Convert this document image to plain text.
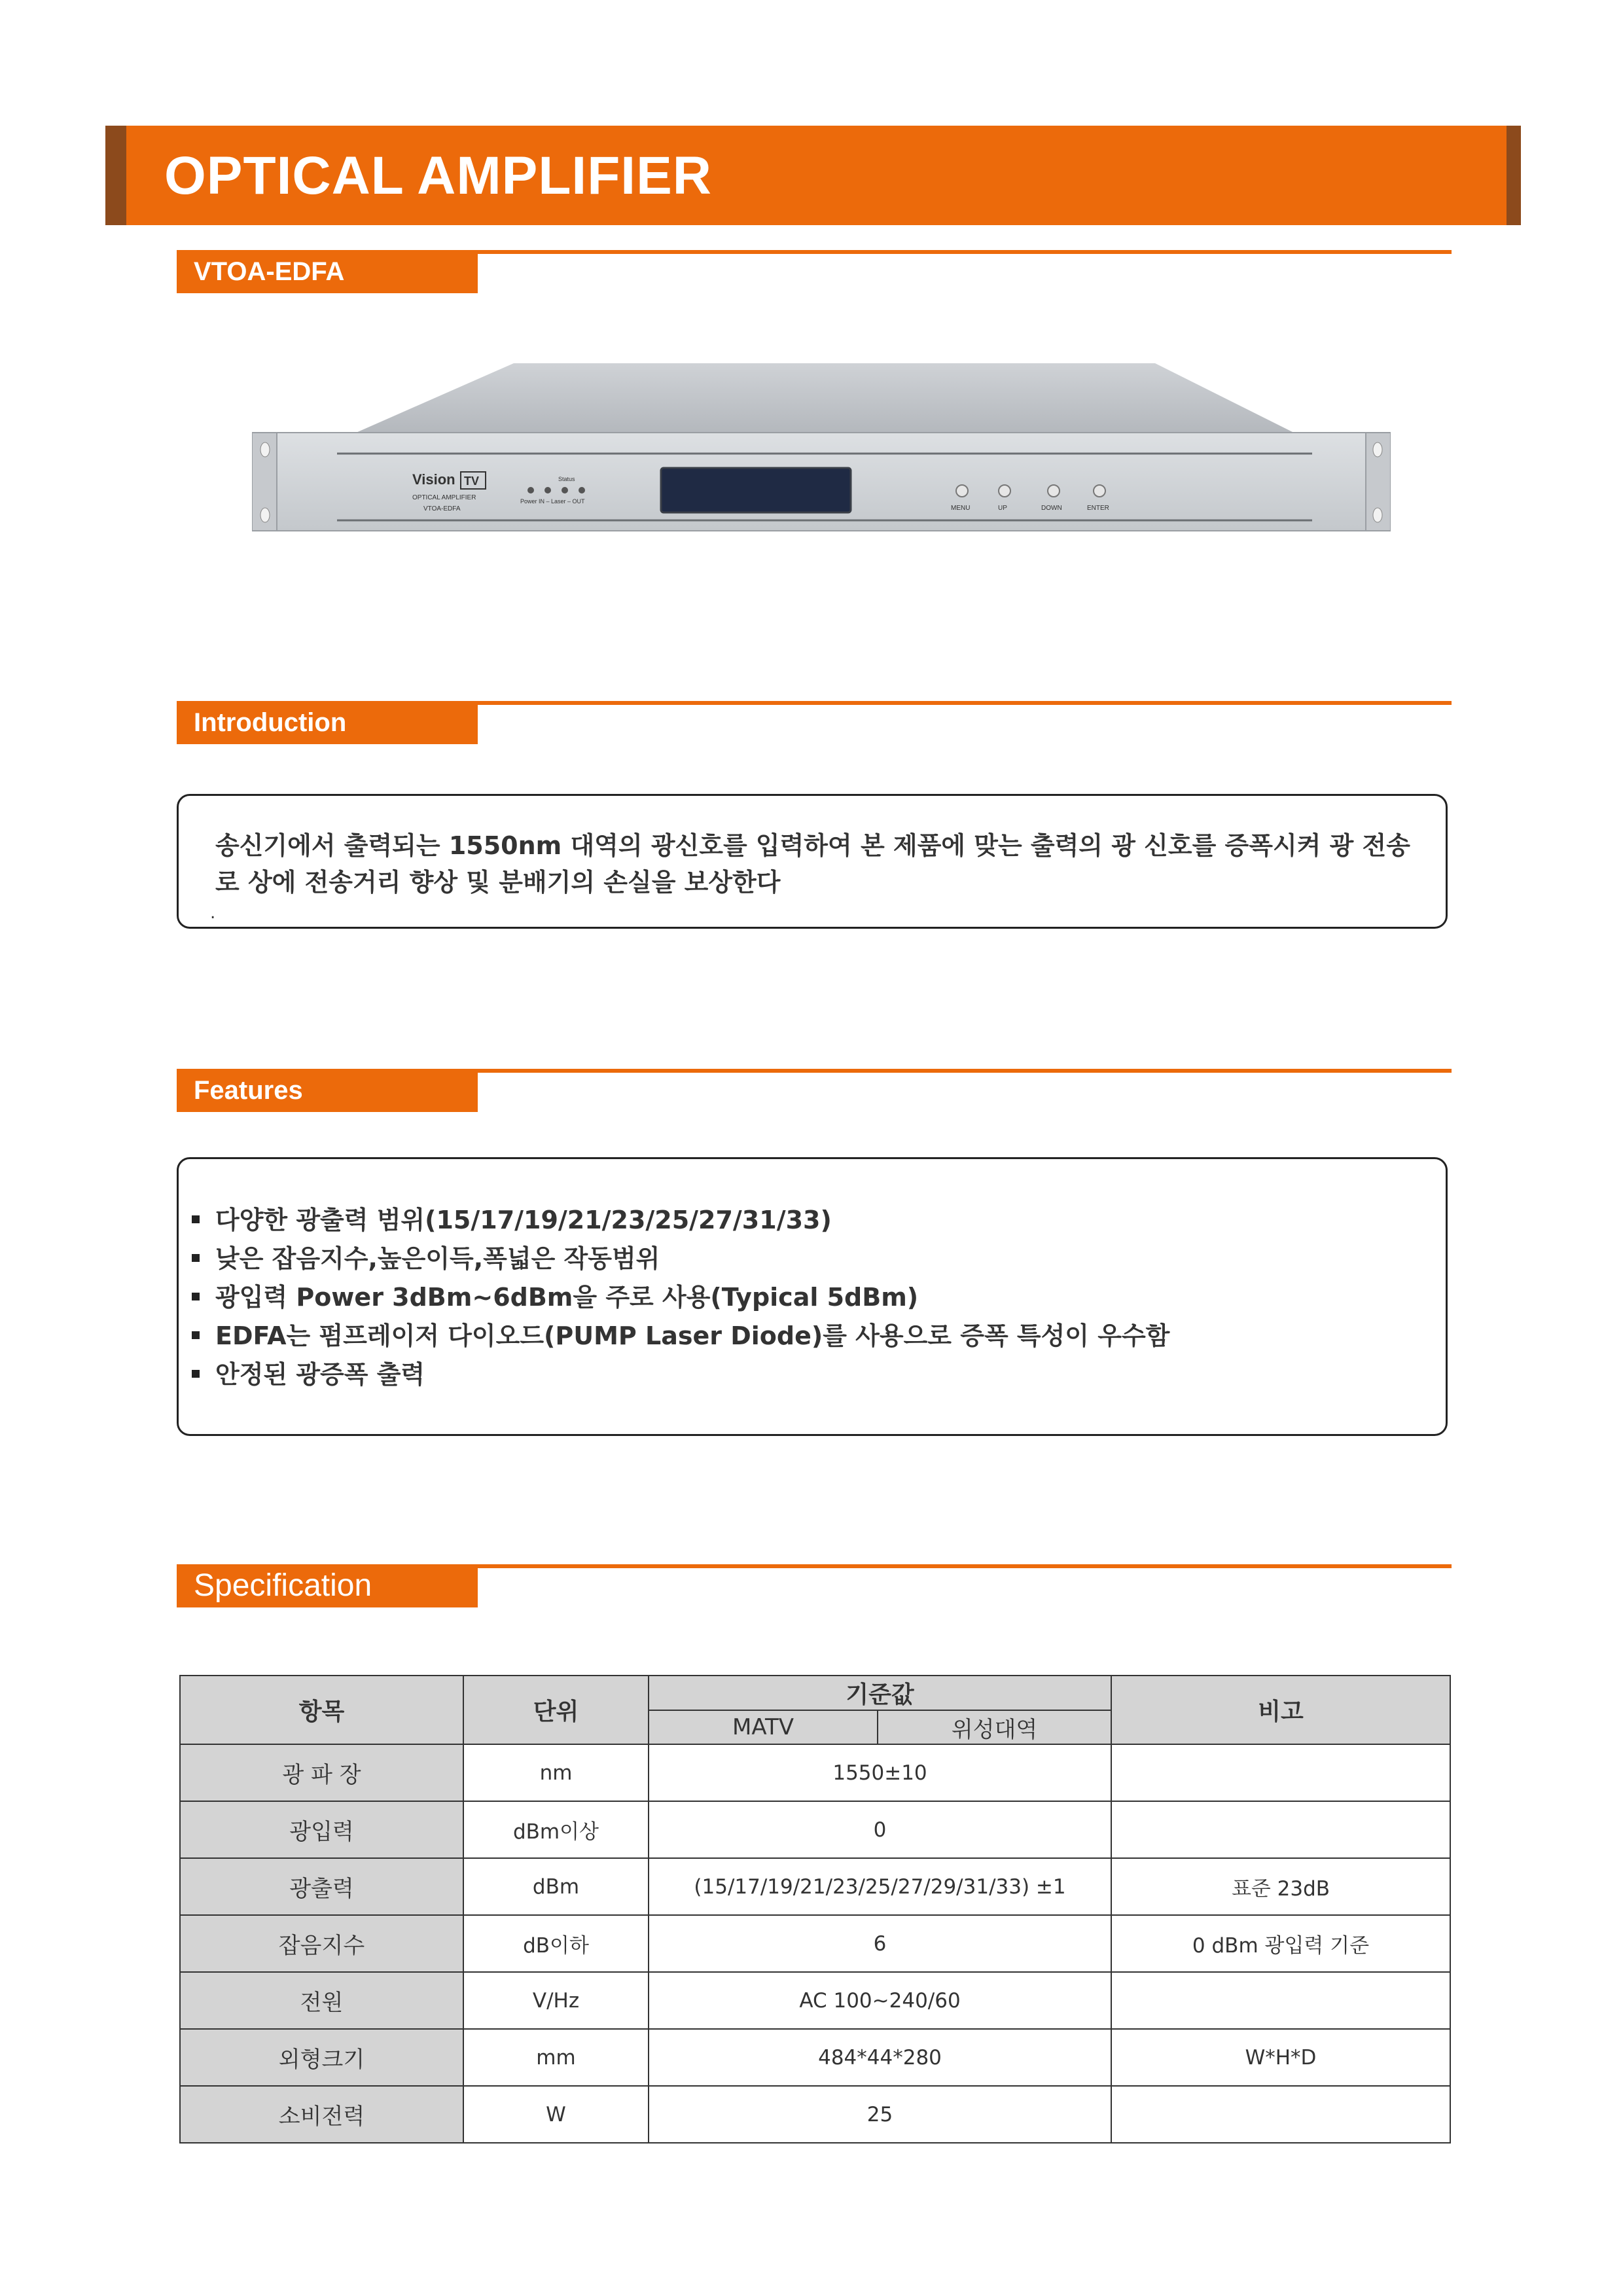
OPTICAL AMPLIFIER
VTOA-EDFA
Vision TV
OPTICAL AMPLIFIER
VTOA-EDFA
Status
Power IN – Laser – OUT
MENU	UP	DOWN	ENTER
Introduction
송신기에서 출력되는 1550nm 대역의 광신호를 입력하여 본 제품에 맞는 출력의 광 신호를 증폭시켜 광 전송로 상에 전송거리 향상 및 분배기의 손실을 보상한다
.
Features
다양한 광출력 범위(15/17/19/21/23/25/27/31/33)
낮은 잡음지수,높은이득,폭넓은 작동범위
광입력 Power 3dBm~6dBm을 주로 사용(Typical 5dBm)
EDFA는 펌프레이저 다이오드(PUMP Laser Diode)를 사용으로 증폭 특성이 우수함
안정된 광증폭 출력
Specification
항목	단위	기준값		비고
		MATV	위성대역	
광 파 장	nm	1550±10		
광입력	dBm이상	0		
광출력	dBm	(15/17/19/21/23/25/27/29/31/33) ±1		표준 23dB
잡음지수	dB이하	6		0 dBm 광입력 기준
전원	V/Hz	AC 100~240/60		
외형크기	mm	484*44*280		W*H*D
소비전력	W	25		
